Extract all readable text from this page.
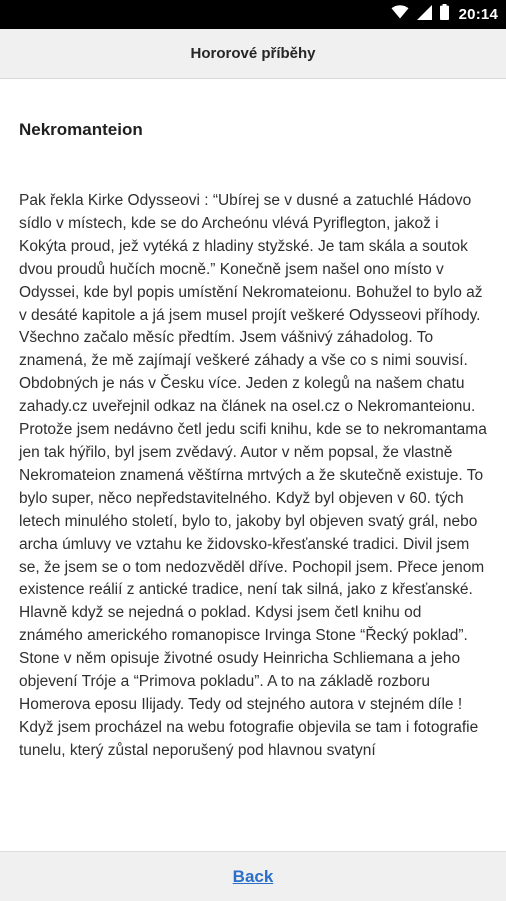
20:14
Hororové příběhy
Nekromanteion

Pak řekla Kirke Odysseovi : “Ubírej se v dusné a zatuchlé Hádovo sídlo v místech, kde se do Archeónu vlévá Pyriflegton, jakož i Kokýta proud, jež vytéká z hladiny styžské. Je tam skála a soutok dvou proudů hučích mocně.” Konečně jsem našel ono místo v Odyssei, kde byl popis umístění Nekromateionu. Bohužel to bylo až v desáté kapitole a já jsem musel projít veškeré Odysseovi příhody. Všechno začalo měsíc předtím. Jsem vášnivý záhadolog. To znamená, že mě zajímají veškeré záhady a vše co s nimi souvisí. Obdobných je nás v Česku více. Jeden z kolegů na našem chatu zahady.cz uveřejnil odkaz na článek na osel.cz o Nekromanteionu. Protože jsem nedávno četl jedu scifi knihu, kde se to nekromantama jen tak hýřilo, byl jsem zvědavý. Autor v něm popsal, že vlastně Nekromateion znamená věštírna mrtvých a že skutečně existuje. To bylo super, něco nepředstavitelného. Když byl objeven v 60. tých letech minulého století, bylo to, jakoby byl objeven svatý grál, nebo archa úmluvy ve vztahu ke židovsko-křesťanské tradici. Divil jsem se, že jsem se o tom nedozvěděl dříve. Pochopil jsem. Přece jenom existence reálií z antické tradice, není tak silná, jako z křesťanské. Hlavně když se nejedná o poklad. Kdysi jsem četl knihu od známého amerického romanopisce Irvinga Stone “Řecký poklad”. Stone v něm opisuje životné osudy Heinricha Schliemana a jeho objevení Tróje a “Primova pokladu”. A to na základě rozboru Homerova eposu Ilijady. Tedy od stejného autora v stejném díle ! Když jsem procházel na webu fotografie objevila se tam i fotografie tunelu, který zůstal neporušený pod hlavnou svatyní

Back
